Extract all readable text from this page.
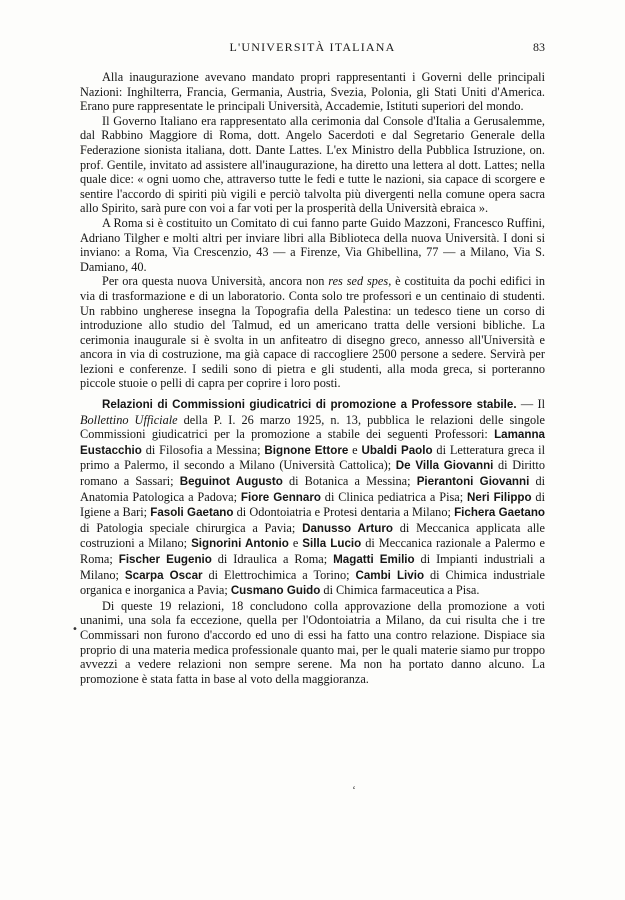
L'UNIVERSITÀ ITALIANA	83

Alla inaugurazione avevano mandato propri rappresentanti i Governi delle principali Nazioni: Inghilterra, Francia, Germania, Austria, Svezia, Polonia, gli Stati Uniti d'America. Erano pure rappresentate le principali Università, Accademie, Istituti superiori del mondo.

Il Governo Italiano era rappresentato alla cerimonia dal Console d'Italia a Gerusalemme, dal Rabbino Maggiore di Roma, dott. Angelo Sacerdoti e dal Segretario Generale della Federazione sionista italiana, dott. Dante Lattes. L'ex Ministro della Pubblica Istruzione, on. prof. Gentile, invitato ad assistere all'inaugurazione, ha diretto una lettera al dott. Lattes; nella quale dice: « ogni uomo che, attraverso tutte le fedi e tutte le nazioni, sia capace di scorgere e sentire l'accordo di spiriti più vigili e perciò talvolta più divergenti nella comune opera sacra allo Spirito, sarà pure con voi a far voti per la prosperità della Università ebraica ».

A Roma si è costituito un Comitato di cui fanno parte Guido Mazzoni, Francesco Ruffini, Adriano Tilgher e molti altri per inviare libri alla Biblioteca della nuova Università. I doni si inviano: a Roma, Via Crescenzio, 43 — a Firenze, Via Ghibellina, 77 — a Milano, Via S. Damiano, 40.

Per ora questa nuova Università, ancora non res sed spes, è costituita da pochi edifici in via di trasformazione e di un laboratorio. Conta solo tre professori e un centinaio di studenti. Un rabbino ungherese insegna la Topografia della Palestina: un tedesco tiene un corso di introduzione allo studio del Talmud, ed un americano tratta delle versioni bibliche. La cerimonia inaugurale si è svolta in un anfiteatro di disegno greco, annesso all'Università e ancora in via di costruzione, ma già capace di raccogliere 2500 persone a sedere. Servirà per lezioni e conferenze. I sedili sono di pietra e gli studenti, alla moda greca, si porteranno piccole stuoie o pelli di capra per coprire i loro posti.

Relazioni di Commissioni giudicatrici di promozione a Professore stabile. — Il Bollettino Ufficiale della P. I. 26 marzo 1925, n. 13, pubblica le relazioni delle singole Commissioni giudicatrici per la promozione a stabile dei seguenti Professori: Lamanna Eustacchio di Filosofia a Messina; Bignone Ettore e Ubaldi Paolo di Letteratura greca il primo a Palermo, il secondo a Milano (Università Cattolica); De Villa Giovanni di Diritto romano a Sassari; Beguinot Augusto di Botanica a Messina; Pierantoni Giovanni di Anatomia Patologica a Padova; Fiore Gennaro di Clinica pediatrica a Pisa; Neri Filippo di Igiene a Bari; Fasoli Gaetano di Odontoiatria e Protesi dentaria a Milano; Fichera Gaetano di Patologia speciale chirurgica a Pavia; Danusso Arturo di Meccanica applicata alle costruzioni a Milano; Signorini Antonio e Silla Lucio di Meccanica razionale a Palermo e Roma; Fischer Eugenio di Idraulica a Roma; Magatti Emilio di Impianti industriali a Milano; Scarpa Oscar di Elettrochimica a Torino; Cambi Livio di Chimica industriale organica e inorganica a Pavia; Cusmano Guido di Chimica farmaceutica a Pisa.

Di queste 19 relazioni, 18 concludono colla approvazione della promozione a voti unanimi, una sola fa eccezione, quella per l'Odontoiatria a Milano, da cui risulta che i tre Commissari non furono d'accordo ed uno di essi ha fatto una contro relazione. Dispiace sia proprio di una materia medica professionale quanto mai, per le quali materie siamo pur troppo avvezzi a vedere relazioni non sempre serene. Ma non ha portato danno alcuno. La promozione è stata fatta in base al voto della maggioranza.

•
ʻ
